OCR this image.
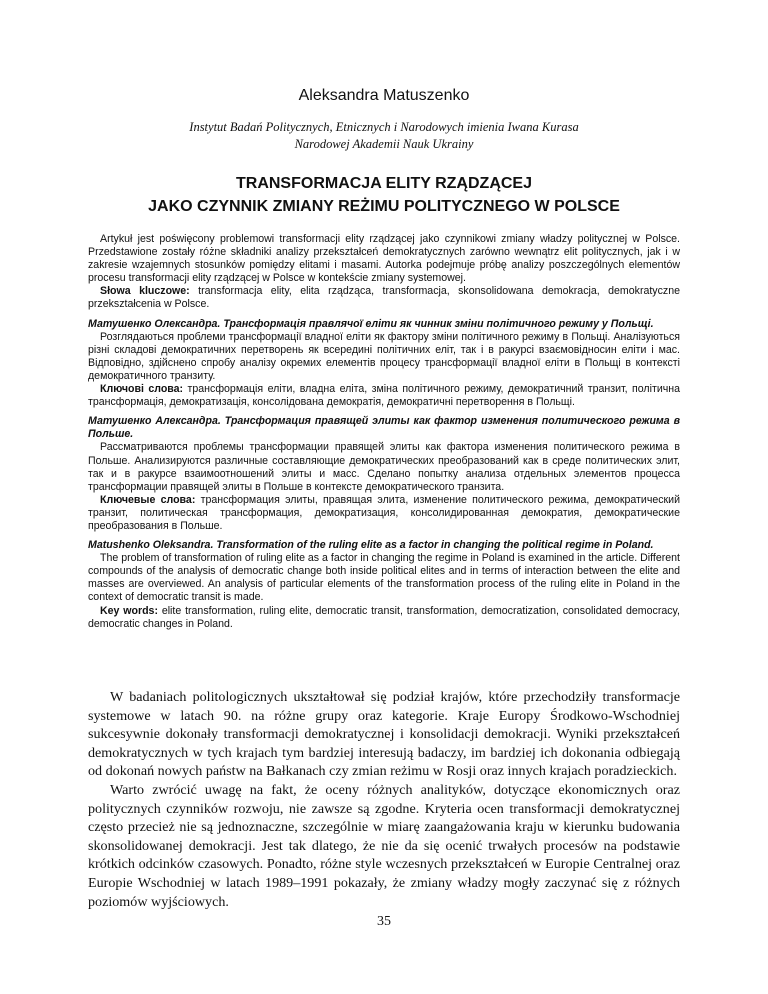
Aleksandra Matuszenko
Instytut Badań Politycznych, Etnicznych i Narodowych imienia Iwana Kurasa
Narodowej Akademii Nauk Ukrainy
TRANSFORMACJA ELITY RZĄDZĄCEJ
JAKO CZYNNIK ZMIANY REŻIMU POLITYCZNEGO W POLSCE

Artykuł jest poświęcony problemowi transformacji elity rządzącej jako czynnikowi zmiany władzy politycznej w Polsce. Przedstawione zostały różne składniki analizy przekształceń demokratycznych zarówno wewnątrz elit politycznych, jak i w zakresie wzajemnych stosunków pomiędzy elitami i masami. Autorka podejmuje próbę analizy poszczególnych elementów procesu transformacji elity rządzącej w Polsce w kontekście zmiany systemowej.

Słowa kluczowe: transformacja elity, elita rządząca, transformacja, skonsolidowana demokracja, demokratyczne przekształcenia w Polsce.

Матушенко Олександра. Трансформація правлячої еліти як чинник зміни політичного режиму у Польщі.

Розглядаються проблеми трансформації владної еліти як фактору зміни політичного режиму в Польщі. Аналізуються різні складові демократичних перетворень як всередині політичних еліт, так і в ракурсі взаємовідносин еліти і мас. Відповідно, здійснено спробу аналізу окремих елементів процесу трансформації владної еліти в Польщі в контексті демократичного транзиту.

Ключові слова: трансформація еліти, владна еліта, зміна політичного режиму, демократичний транзит, політична трансформація, демократизація, консолідована демократія, демократичні перетворення в Польщі.

Матушенко Александра. Трансформация правящей элиты как фактор изменения политического режима в Польше.

Рассматриваются проблемы трансформации правящей элиты как фактора изменения политического режима в Польше. Анализируются различные составляющие демократических преобразований как в среде политических элит, так и в ракурсе взаимоотношений элиты и масс. Сделано попытку анализа отдельных элементов процесса трансформации правящей элиты в Польше в контексте демократического транзита.

Ключевые слова: трансформация элиты, правящая элита, изменение политического режима, демократический транзит, политическая трансформация, демократизация, консолидированная демократия, демократические преобразования в Польше.

Matushenko Oleksandra. Transformation of the ruling elite as a factor in changing the political regime in Poland.

The problem of transformation of ruling elite as a factor in changing the regime in Poland is examined in the article. Different compounds of the analysis of democratic change both inside political elites and in terms of interaction between the elite and masses are overviewed. An analysis of particular elements of the transformation process of the ruling elite in Poland in the context of democratic transit is made.

Key words: elite transformation, ruling elite, democratic transit, transformation, democratization, consolidated democracy, democratic changes in Poland.

W badaniach politologicznych ukształtował się podział krajów, które przechodziły transformacje systemowe w latach 90. na różne grupy oraz kategorie. Kraje Europy Środkowo-Wschodniej sukcesywnie dokonały transformacji demokratycznej i konsolidacji demokracji. Wyniki przekształceń demokratycznych w tych krajach tym bardziej interesują badaczy, im bardziej ich dokonania odbiegają od dokonań nowych państw na Bałkanach czy zmian reżimu w Rosji oraz innych krajach poradzieckich.

Warto zwrócić uwagę na fakt, że oceny różnych analityków, dotyczące ekonomicznych oraz politycznych czynników rozwoju, nie zawsze są zgodne. Kryteria ocen transformacji demokratycznej często przecież nie są jednoznaczne, szczególnie w miarę zaangażowania kraju w kierunku budowania skonsolidowanej demokracji. Jest tak dlatego, że nie da się ocenić trwałych procesów na podstawie krótkich odcinków czasowych. Ponadto, różne style wczesnych przekształceń w Europie Centralnej oraz Europie Wschodniej w latach 1989–1991 pokazały, że zmiany władzy mogły zaczynać się z różnych poziomów wyjściowych.

35
